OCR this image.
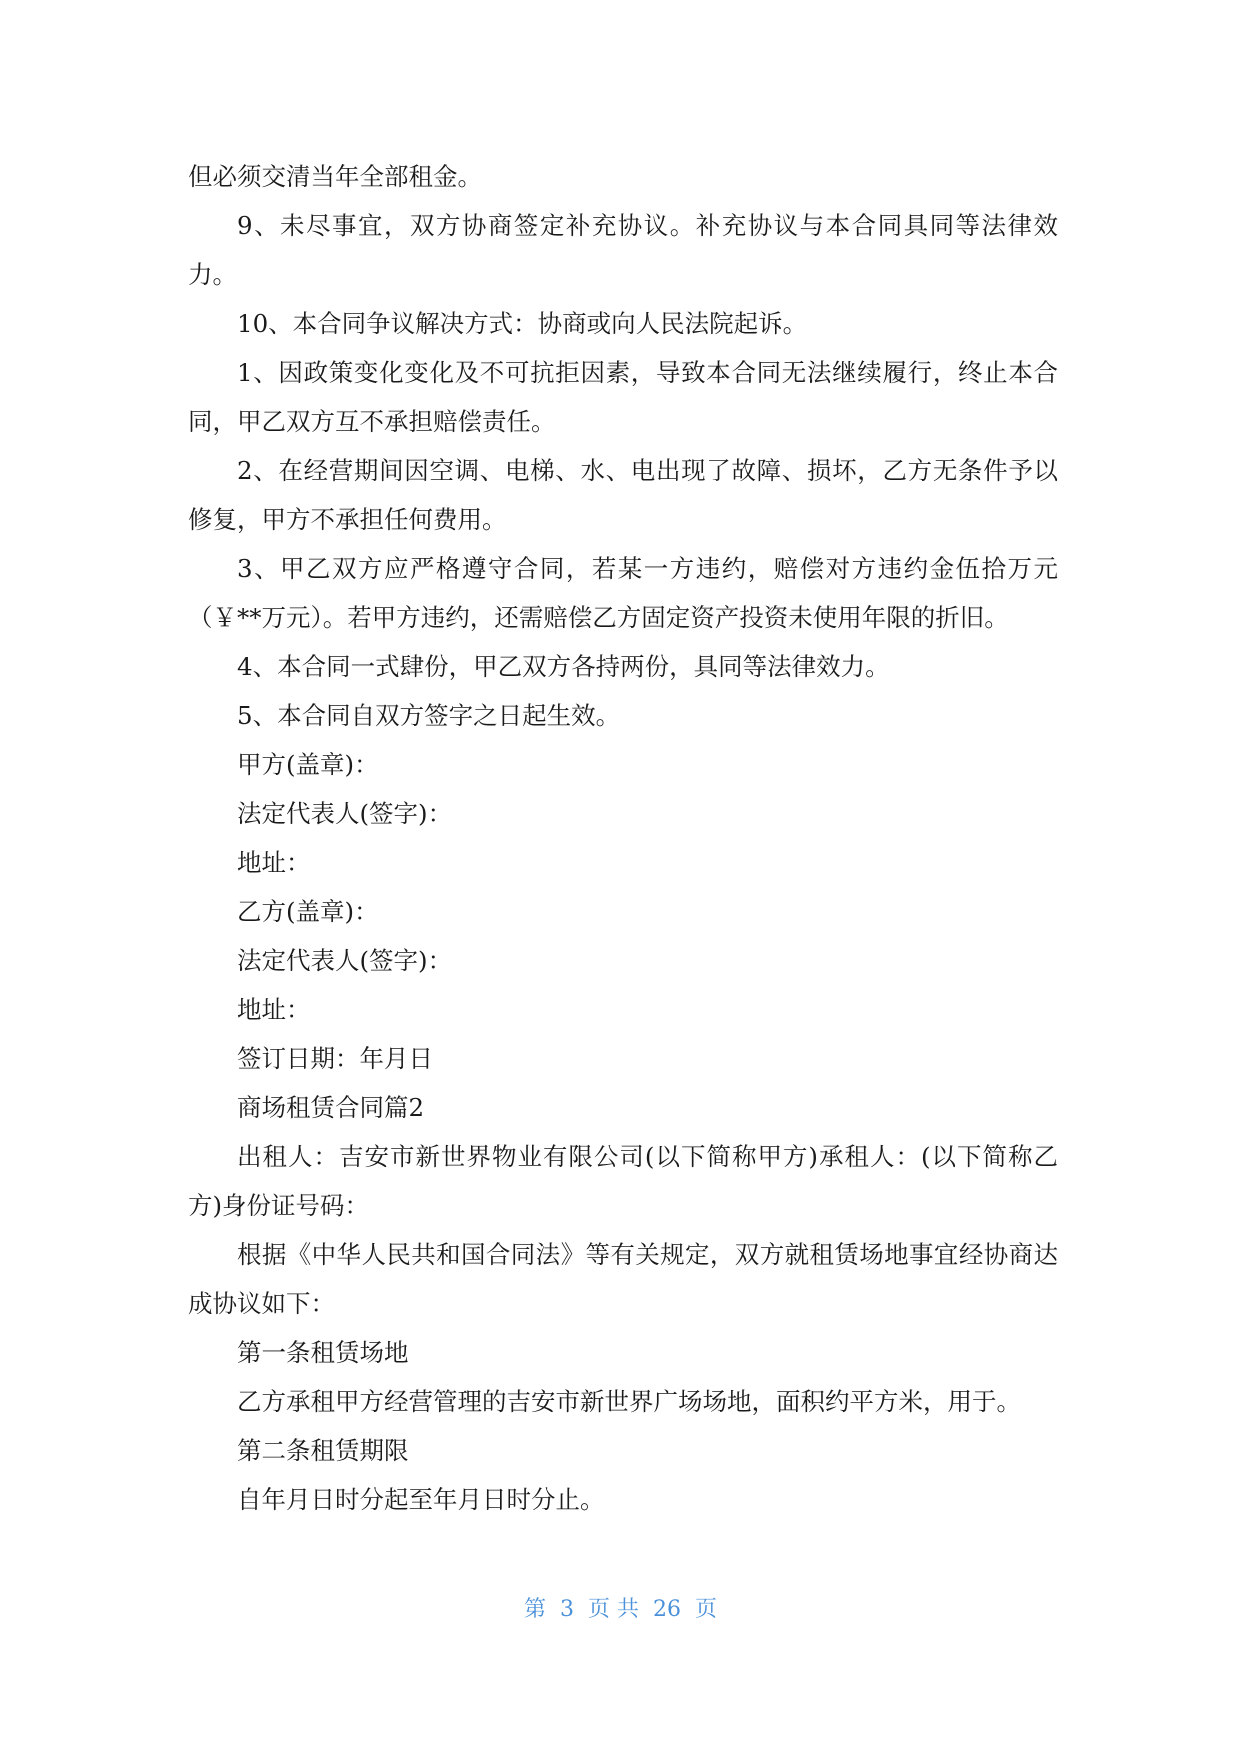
但必须交清当年全部租金。

9、未尽事宜，双方协商签定补充协议。补充协议与本合同具同等法律效力。

10、本合同争议解决方式：协商或向人民法院起诉。

1、因政策变化变化及不可抗拒因素，导致本合同无法继续履行，终止本合同，甲乙双方互不承担赔偿责任。

2、在经营期间因空调、电梯、水、电出现了故障、损坏，乙方无条件予以修复，甲方不承担任何费用。

3、甲乙双方应严格遵守合同，若某一方违约，赔偿对方违约金伍拾万元（￥**万元）。若甲方违约，还需赔偿乙方固定资产投资未使用年限的折旧。

4、本合同一式肆份，甲乙双方各持两份，具同等法律效力。

5、本合同自双方签字之日起生效。

甲方(盖章)：

法定代表人(签字)：

地址：

乙方(盖章)：

法定代表人(签字)：

地址：

签订日期：年月日

商场租赁合同篇2

出租人：吉安市新世界物业有限公司(以下简称甲方)承租人：(以下简称乙方)身份证号码：

根据《中华人民共和国合同法》等有关规定，双方就租赁场地事宜经协商达成协议如下：

第一条租赁场地

乙方承租甲方经营管理的吉安市新世界广场场地，面积约平方米，用于。

第二条租赁期限

自年月日时分起至年月日时分止。

第  3  页 共  26  页
